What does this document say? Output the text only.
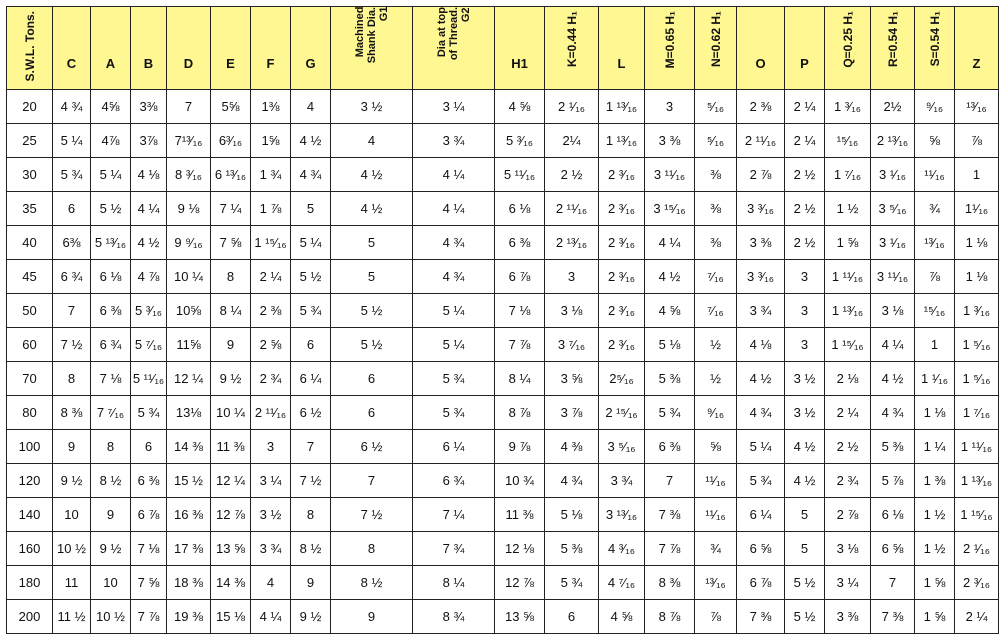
S.W.L. Tons.	C	A	B	D	E	F	G	Machined
Shank Dia.
G1	Dia at top
of Thread.
G2	H1	K=0.44 H₁	L	M=0.65 H₁	N=0.62 H₁	O	P	Q=0.25 H₁	R=0.54 H₁	S=0.54 H₁	Z
20	4 ¾	4⅝	3⅜	7	5⅝	1⅜	4	3 ½	3 ¼	4 ⅝	2 ¹⁄₁₆	1 ¹³⁄₁₆	3	⁵⁄₁₆	2 ⅜	2 ¼	1 ³⁄₁₆	2½	⁹⁄₁₆	¹³⁄₁₆
25	5 ¼	4⅞	3⅞	7¹³⁄₁₆	6³⁄₁₆	1⅝	4 ½	4	3 ¾	5 ³⁄₁₆	2¼	1 ¹³⁄₁₆	3 ⅜	⁵⁄₁₆	2 ¹¹⁄₁₆	2 ¼	¹⁵⁄₁₆	2 ¹³⁄₁₆	⅝	⅞
30	5 ¾	5 ¼	4 ⅛	8 ³⁄₁₆	6 ¹³⁄₁₆	1 ¾	4 ¾	4 ½	4 ¼	5 ¹¹⁄₁₆	2 ½	2 ³⁄₁₆	3 ¹¹⁄₁₆	⅜	2 ⅞	2 ½	1 ⁷⁄₁₆	3 ¹⁄₁₆	¹¹⁄₁₆	1
35	6	5 ½	4 ¼	9 ⅛	7 ¼	1 ⅞	5	4 ½	4 ¼	6 ⅛	2 ¹¹⁄₁₆	2 ³⁄₁₆	3 ¹⁵⁄₁₆	⅜	3 ³⁄₁₆	2 ½	1 ½	3 ⁵⁄₁₆	¾	1¹⁄₁₆
40	6⅜	5 ¹³⁄₁₆	4 ½	9 ⁹⁄₁₆	7 ⅝	1 ¹⁵⁄₁₆	5 ¼	5	4 ¾	6 ⅜	2 ¹³⁄₁₆	2 ³⁄₁₆	4 ¼	⅜	3 ⅜	2 ½	1 ⅝	3 ¹⁄₁₆	¹³⁄₁₆	1 ⅛
45	6 ¾	6 ⅛	4 ⅞	10 ¼	8	2 ¼	5 ½	5	4 ¾	6 ⅞	3	2 ³⁄₁₆	4 ½	⁷⁄₁₆	3 ³⁄₁₆	3	1 ¹¹⁄₁₆	3 ¹¹⁄₁₆	⅞	1 ⅛
50	7	6 ⅜	5 ³⁄₁₆	10⅝	8 ¼	2 ⅜	5 ¾	5 ½	5 ¼	7 ⅛	3 ⅛	2 ³⁄₁₆	4 ⅝	⁷⁄₁₆	3 ¾	3	1 ¹³⁄₁₆	3 ⅛	¹⁵⁄₁₆	1 ³⁄₁₆
60	7 ½	6 ¾	5 ⁷⁄₁₆	11⅝	9	2 ⅝	6	5 ½	5 ¼	7 ⅞	3 ⁷⁄₁₆	2 ³⁄₁₆	5 ⅛	½	4 ⅛	3	1 ¹⁵⁄₁₆	4 ¼	1	1 ⁵⁄₁₆
70	8	7 ⅛	5 ¹¹⁄₁₆	12 ¼	9 ½	2 ¾	6 ¼	6	5 ¾	8 ¼	3 ⅝	2⁵⁄₁₆	5 ⅜	½	4 ½	3 ½	2 ⅛	4 ½	1 ¹⁄₁₆	1 ⁵⁄₁₆
80	8 ⅜	7 ⁷⁄₁₆	5 ¾	13⅛	10 ¼	2 ¹¹⁄₁₆	6 ½	6	5 ¾	8 ⅞	3 ⅞	2 ¹⁵⁄₁₆	5 ¾	⁹⁄₁₆	4 ¾	3 ½	2 ¼	4 ¾	1 ⅛	1 ⁷⁄₁₆
100	9	8	6	14 ⅜	11 ⅜	3	7	6 ½	6 ¼	9 ⅞	4 ⅜	3 ⁵⁄₁₆	6 ⅜	⅝	5 ¼	4 ½	2 ½	5 ⅜	1 ¼	1 ¹¹⁄₁₆
120	9 ½	8 ½	6 ⅜	15 ½	12 ¼	3 ¼	7 ½	7	6 ¾	10 ¾	4 ¾	3 ¾	7	¹¹⁄₁₆	5 ¾	4 ½	2 ¾	5 ⅞	1 ⅜	1 ¹³⁄₁₆
140	10	9	6 ⅞	16 ⅜	12 ⅞	3 ½	8	7 ½	7 ¼	11 ⅜	5 ⅛	3 ¹³⁄₁₆	7 ⅜	¹¹⁄₁₆	6 ¼	5	2 ⅞	6 ⅛	1 ½	1 ¹⁵⁄₁₆
160	10 ½	9 ½	7 ⅛	17 ⅜	13 ⅝	3 ¾	8 ½	8	7 ¾	12 ⅛	5 ⅜	4 ³⁄₁₆	7 ⅞	¾	6 ⅝	5	3 ⅛	6 ⅝	1 ½	2 ¹⁄₁₆
180	11	10	7 ⅝	18 ⅜	14 ⅜	4	9	8 ½	8 ¼	12 ⅞	5 ¾	4 ⁷⁄₁₆	8 ⅜	¹³⁄₁₆	6 ⅞	5 ½	3 ¼	7	1 ⅝	2 ³⁄₁₆
200	11 ½	10 ½	7 ⅞	19 ⅜	15 ⅛	4 ¼	9 ½	9	8 ¾	13 ⅝	6	4 ⅝	8 ⅞	⅞	7 ⅜	5 ½	3 ⅜	7 ⅜	1 ⅝	2 ¼
